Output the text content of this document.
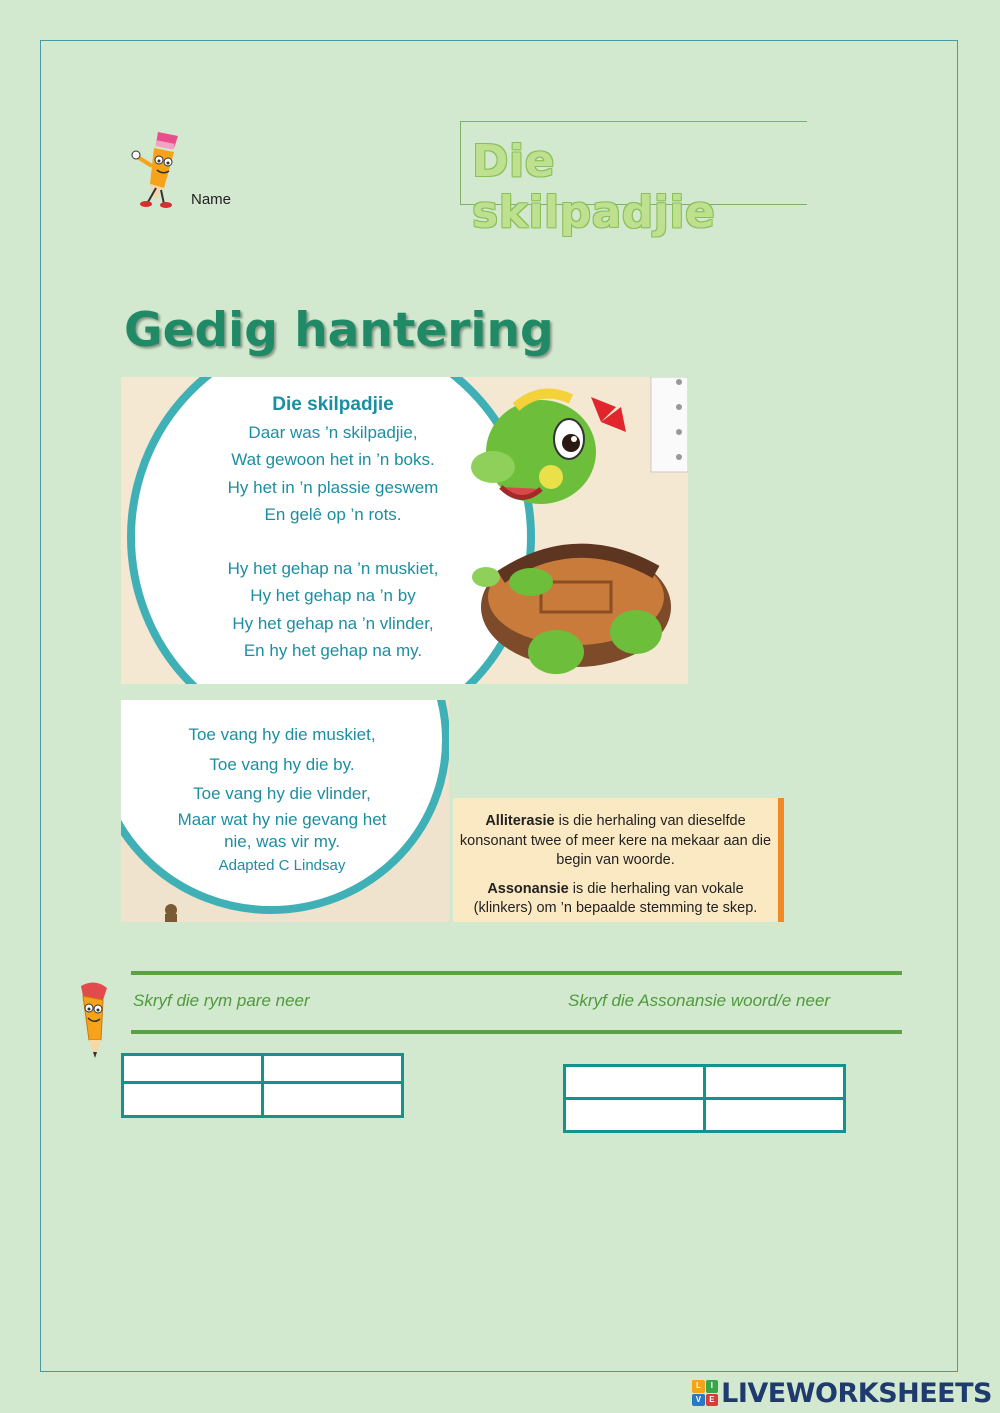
Name
Die skilpadjie
Gedig hantering
Die skilpadjie
Daar was ’n skilpadjie,
Wat gewoon het in ’n boks.
Hy het in ’n plassie geswem
En gelê op ’n rots.
Hy het gehap na ’n muskiet,
Hy het gehap na ’n by
Hy het gehap na ’n vlinder,
En hy het gehap na my.
Toe vang hy die muskiet,
Toe vang hy die by.
Toe vang hy die vlinder,
Maar wat hy nie gevang het nie, was vir my.
Adapted C Lindsay

Alliterasie is die herhaling van dieselfde konsonant twee of meer kere na mekaar aan die begin van woorde.

Assonansie is die herhaling van vokale (klinkers) om ’n bepaalde stemming te skep.

Skryf die rym pare neer	Skryf die Assonansie woord/e neer

L	I
V	E LIVEWORKSHEETS
